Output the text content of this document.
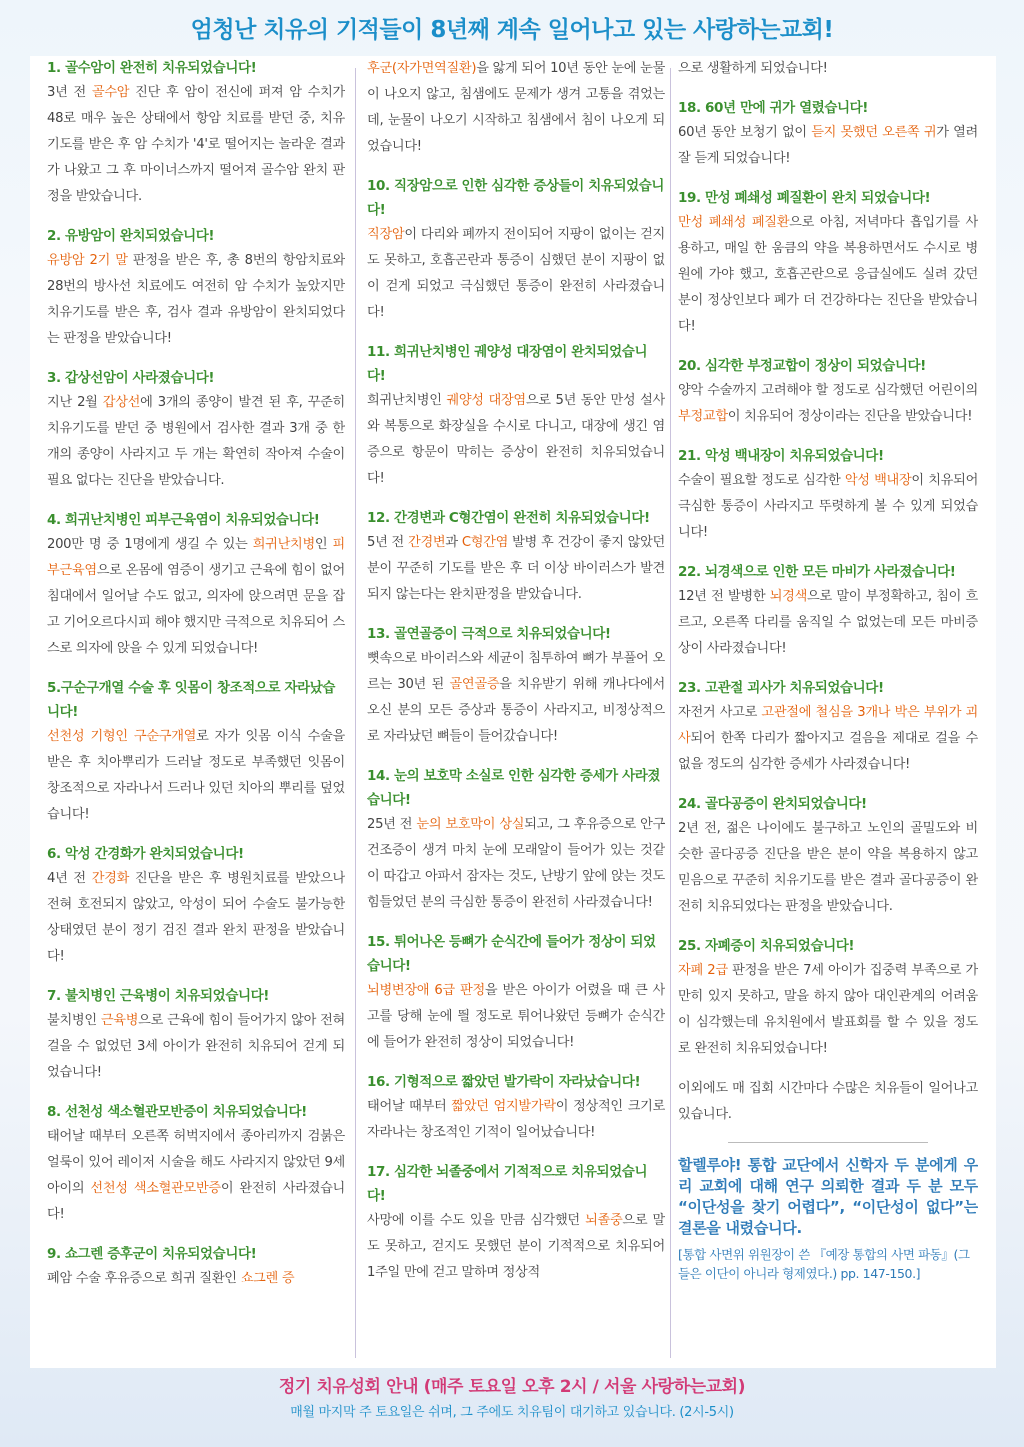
엄청난 치유의 기적들이 8년째 계속 일어나고 있는 사랑하는교회!
1. 골수암이 완전히 치유되었습니다!
3년 전 골수암 진단 후 암이 전신에 퍼져 암 수치가 48로 매우 높은 상태에서 항암 치료를 받던 중, 치유기도를 받은 후 암 수치가 '4'로 떨어지는 놀라운 결과가 나왔고 그 후 마이너스까지 떨어져 골수암 완치 판정을 받았습니다.
2. 유방암이 완치되었습니다!
유방암 2기 말 판정을 받은 후, 총 8번의 항암치료와 28번의 방사선 치료에도 여전히 암 수치가 높았지만 치유기도를 받은 후, 검사 결과 유방암이 완치되었다는 판정을 받았습니다!
3. 갑상선암이 사라졌습니다!
지난 2월 갑상선에 3개의 종양이 발견 된 후, 꾸준히 치유기도를 받던 중 병원에서 검사한 결과 3개 중 한 개의 종양이 사라지고 두 개는 확연히 작아져 수술이 필요 없다는 진단을 받았습니다.
4. 희귀난치병인 피부근육염이 치유되었습니다!
200만 명 중 1명에게 생길 수 있는 희귀난치병인 피부근육염으로 온몸에 염증이 생기고 근육에 힘이 없어 침대에서 일어날 수도 없고, 의자에 앉으려면 문을 잡고 기어오르다시피 해야 했지만 극적으로 치유되어 스스로 의자에 앉을 수 있게 되었습니다!
5.구순구개열 수술 후 잇몸이 창조적으로 자라났습니다!
선천성 기형인 구순구개열로 자가 잇몸 이식 수술을 받은 후 치아뿌리가 드러날 정도로 부족했던 잇몸이 창조적으로 자라나서 드러나 있던 치아의 뿌리를 덮었습니다!
6. 악성 간경화가 완치되었습니다!
4년 전 간경화 진단을 받은 후 병원치료를 받았으나 전혀 호전되지 않았고, 악성이 되어 수술도 불가능한 상태였던 분이 정기 검진 결과 완치 판정을 받았습니다!
7. 불치병인 근육병이 치유되었습니다!
불치병인 근육병으로 근육에 힘이 들어가지 않아 전혀 걸을 수 없었던 3세 아이가 완전히 치유되어 걷게 되었습니다!
8. 선천성 색소혈관모반증이 치유되었습니다!
태어날 때부터 오른쪽 허벅지에서 종아리까지 검붉은 얼룩이 있어 레이저 시술을 해도 사라지지 않았던 9세 아이의 선천성 색소혈관모반증이 완전히 사라졌습니다!
9. 쇼그렌 증후군이 치유되었습니다!
폐암 수술 후유증으로 희귀 질환인 쇼그렌 증
후군(자가면역질환)을 앓게 되어 10년 동안 눈에 눈물이 나오지 않고, 침샘에도 문제가 생겨 고통을 겪었는데, 눈물이 나오기 시작하고 침샘에서 침이 나오게 되었습니다!
10. 직장암으로 인한 심각한 증상들이 치유되었습니다!
직장암이 다리와 폐까지 전이되어 지팡이 없이는 걷지도 못하고, 호흡곤란과 통증이 심했던 분이 지팡이 없이 걷게 되었고 극심했던 통증이 완전히 사라졌습니다!
11. 희귀난치병인 궤양성 대장염이 완치되었습니다!
희귀난치병인 궤양성 대장염으로 5년 동안 만성 설사와 복통으로 화장실을 수시로 다니고, 대장에 생긴 염증으로 항문이 막히는 증상이 완전히 치유되었습니다!
12. 간경변과 C형간염이 완전히 치유되었습니다!
5년 전 간경변과 C형간염 발병 후 건강이 좋지 않았던 분이 꾸준히 기도를 받은 후 더 이상 바이러스가 발견되지 않는다는 완치판정을 받았습니다.
13. 골연골증이 극적으로 치유되었습니다!
뼛속으로 바이러스와 세균이 침투하여 뼈가 부풀어 오르는 30년 된 골연골증을 치유받기 위해 캐나다에서 오신 분의 모든 증상과 통증이 사라지고, 비정상적으로 자라났던 뼈들이 들어갔습니다!
14. 눈의 보호막 소실로 인한 심각한 증세가 사라졌습니다!
25년 전 눈의 보호막이 상실되고, 그 후유증으로 안구건조증이 생겨 마치 눈에 모래알이 들어가 있는 것같이 따갑고 아파서 잠자는 것도, 난방기 앞에 앉는 것도 힘들었던 분의 극심한 통증이 완전히 사라졌습니다!
15. 튀어나온 등뼈가 순식간에 들어가 정상이 되었습니다!
뇌병변장애 6급 판정을 받은 아이가 어렸을 때 큰 사고를 당해 눈에 띌 정도로 튀어나왔던 등뼈가 순식간에 들어가 완전히 정상이 되었습니다!
16. 기형적으로 짧았던 발가락이 자라났습니다!
태어날 때부터 짧았던 엄지발가락이 정상적인 크기로 자라나는 창조적인 기적이 일어났습니다!
17. 심각한 뇌졸중에서 기적적으로 치유되었습니다!
사망에 이를 수도 있을 만큼 심각했던 뇌졸중으로 말도 못하고, 걷지도 못했던 분이 기적적으로 치유되어 1주일 만에 걷고 말하며 정상적
으로 생활하게 되었습니다!
18. 60년 만에 귀가 열렸습니다!
60년 동안 보청기 없이 듣지 못했던 오른쪽 귀가 열려 잘 듣게 되었습니다!
19. 만성 폐쇄성 폐질환이 완치 되었습니다!
만성 폐쇄성 폐질환으로 아침, 저녁마다 흡입기를 사용하고, 매일 한 움큼의 약을 복용하면서도 수시로 병원에 가야 했고, 호흡곤란으로 응급실에도 실려 갔던 분이 정상인보다 폐가 더 건강하다는 진단을 받았습니다!
20. 심각한 부정교합이 정상이 되었습니다!
양악 수술까지 고려해야 할 정도로 심각했던 어린이의 부정교합이 치유되어 정상이라는 진단을 받았습니다!
21. 악성 백내장이 치유되었습니다!
수술이 필요할 정도로 심각한 악성 백내장이 치유되어 극심한 통증이 사라지고 뚜렷하게 볼 수 있게 되었습니다!
22. 뇌경색으로 인한 모든 마비가 사라졌습니다!
12년 전 발병한 뇌경색으로 말이 부정확하고, 침이 흐르고, 오른쪽 다리를 움직일 수 없었는데 모든 마비증상이 사라졌습니다!
23. 고관절 괴사가 치유되었습니다!
자전거 사고로 고관절에 철심을 3개나 박은 부위가 괴사되어 한쪽 다리가 짧아지고 걸음을 제대로 걸을 수 없을 정도의 심각한 증세가 사라졌습니다!
24. 골다공증이 완치되었습니다!
2년 전, 젊은 나이에도 불구하고 노인의 골밀도와 비슷한 골다공증 진단을 받은 분이 약을 복용하지 않고 믿음으로 꾸준히 치유기도를 받은 결과 골다공증이 완전히 치유되었다는 판정을 받았습니다.
25. 자폐증이 치유되었습니다!
자폐 2급 판정을 받은 7세 아이가 집중력 부족으로 가만히 있지 못하고, 말을 하지 않아 대인관계의 어려움이 심각했는데 유치원에서 발표회를 할 수 있을 정도로 완전히 치유되었습니다!
이외에도 매 집회 시간마다 수많은 치유들이 일어나고 있습니다.
할렐루야! 통합 교단에서 신학자 두 분에게 우리 교회에 대해 연구 의뢰한 결과 두 분 모두 “이단성을 찾기 어렵다”, “이단성이 없다”는 결론을 내렸습니다.
[통합 사면위 위원장이 쓴 『예장 통합의 사면 파동』(그들은 이단이 아니라 형제였다.) pp. 147-150.]
정기 치유성회 안내 (매주 토요일 오후 2시 / 서울 사랑하는교회)
매월 마지막 주 토요일은 쉬며, 그 주에도 치유팀이 대기하고 있습니다. (2시-5시)
